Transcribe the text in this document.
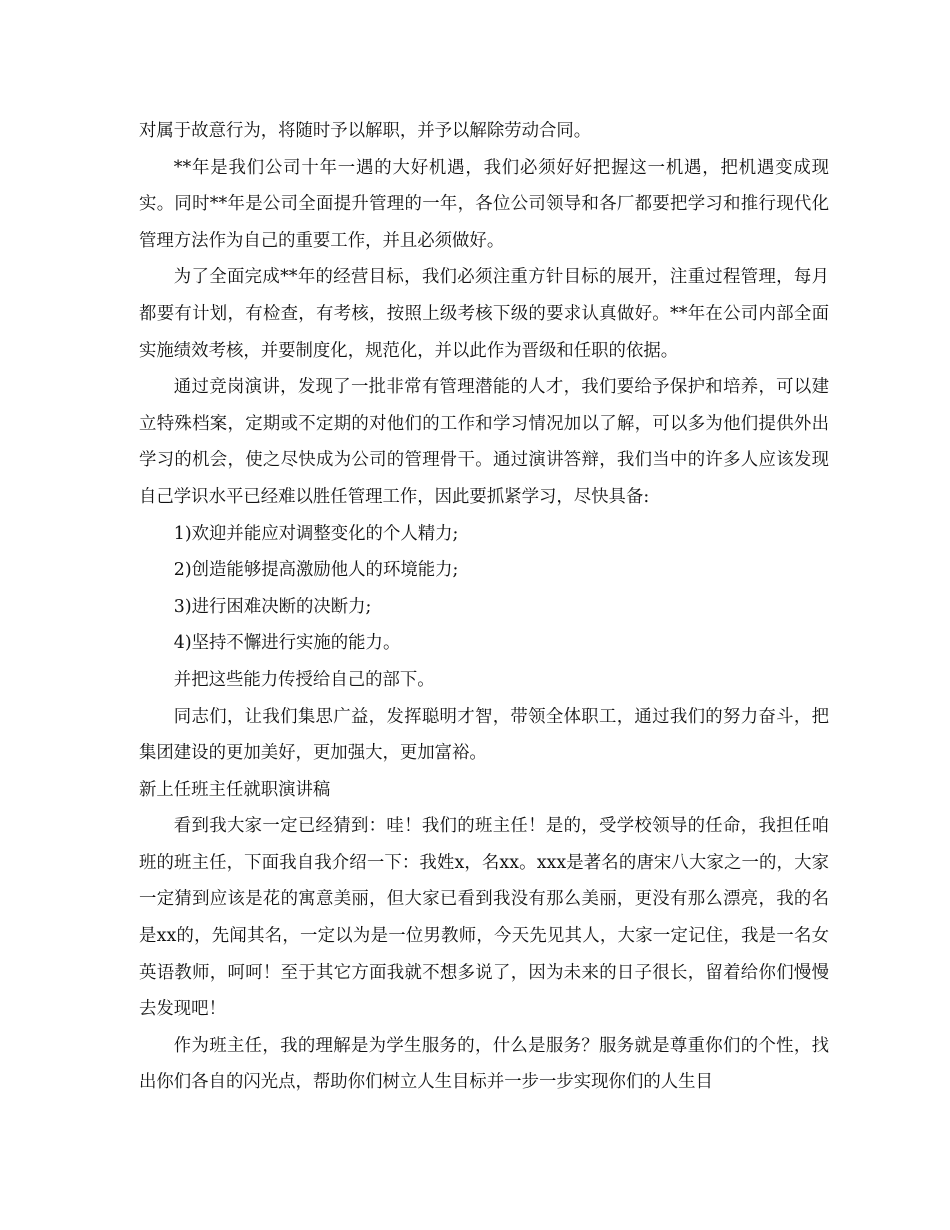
对属于故意行为，将随时予以解职，并予以解除劳动合同。

**年是我们公司十年一遇的大好机遇，我们必须好好把握这一机遇，把机遇变成现实。同时**年是公司全面提升管理的一年，各位公司领导和各厂都要把学习和推行现代化管理方法作为自己的重要工作，并且必须做好。

为了全面完成**年的经营目标，我们必须注重方针目标的展开，注重过程管理，每月都要有计划，有检查，有考核，按照上级考核下级的要求认真做好。**年在公司内部全面实施绩效考核，并要制度化，规范化，并以此作为晋级和任职的依据。

通过竞岗演讲，发现了一批非常有管理潜能的人才，我们要给予保护和培养，可以建立特殊档案，定期或不定期的对他们的工作和学习情况加以了解，可以多为他们提供外出学习的机会，使之尽快成为公司的管理骨干。通过演讲答辩，我们当中的许多人应该发现自己学识水平已经难以胜任管理工作，因此要抓紧学习，尽快具备:

1)欢迎并能应对调整变化的个人精力;

2)创造能够提高激励他人的环境能力;

3)进行困难决断的决断力;

4)坚持不懈进行实施的能力。

并把这些能力传授给自己的部下。

同志们，让我们集思广益，发挥聪明才智，带领全体职工，通过我们的努力奋斗，把集团建设的更加美好，更加强大，更加富裕。

新上任班主任就职演讲稿

看到我大家一定已经猜到：哇！我们的班主任！是的，受学校领导的任命，我担任咱班的班主任，下面我自我介绍一下：我姓x，名xx。xxx是著名的唐宋八大家之一的，大家一定猜到应该是花的寓意美丽，但大家已看到我没有那么美丽，更没有那么漂亮，我的名是xx的，先闻其名，一定以为是一位男教师，今天先见其人，大家一定记住，我是一名女英语教师，呵呵！至于其它方面我就不想多说了，因为未来的日子很长，留着给你们慢慢去发现吧！

作为班主任，我的理解是为学生服务的，什么是服务？服务就是尊重你们的个性，找出你们各自的闪光点，帮助你们树立人生目标并一步一步实现你们的人生目
